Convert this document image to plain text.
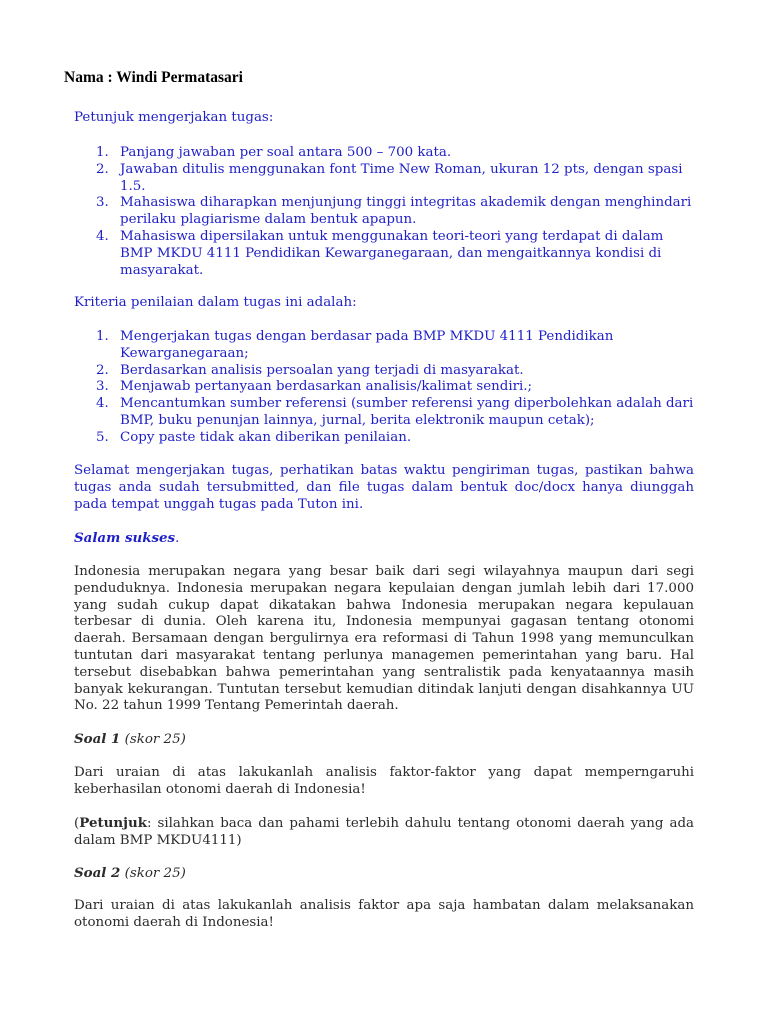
Nama : Windi Permatasari
Petunjuk mengerjakan tugas:
1. Panjang jawaban per soal antara 500 – 700 kata.
2. Jawaban ditulis menggunakan font Time New Roman, ukuran 12 pts, dengan spasi 1.5.
3. Mahasiswa diharapkan menjunjung tinggi integritas akademik dengan menghindari perilaku plagiarisme dalam bentuk apapun.
4. Mahasiswa dipersilakan untuk menggunakan teori-teori yang terdapat di dalam BMP MKDU 4111 Pendidikan Kewarganegaraan, dan mengaitkannya kondisi di masyarakat.
Kriteria penilaian dalam tugas ini adalah:
1. Mengerjakan tugas dengan berdasar pada BMP MKDU 4111 Pendidikan Kewarganegaraan;
2. Berdasarkan analisis persoalan yang terjadi di masyarakat.
3. Menjawab pertanyaan berdasarkan analisis/kalimat sendiri.;
4. Mencantumkan sumber referensi (sumber referensi yang diperbolehkan adalah dari BMP, buku penunjan lainnya, jurnal, berita elektronik maupun cetak);
5. Copy paste tidak akan diberikan penilaian.
Selamat mengerjakan tugas, perhatikan batas waktu pengiriman tugas, pastikan bahwa tugas anda sudah tersubmitted, dan file tugas dalam bentuk doc/docx hanya diunggah pada tempat unggah tugas pada Tuton ini.
Salam sukses.
Indonesia merupakan negara yang besar baik dari segi wilayahnya maupun dari segi penduduknya. Indonesia merupakan negara kepulaian dengan jumlah lebih dari 17.000 yang sudah cukup dapat dikatakan bahwa Indonesia merupakan negara kepulauan terbesar di dunia. Oleh karena itu, Indonesia mempunyai gagasan tentang otonomi daerah. Bersamaan dengan bergulirnya era reformasi di Tahun 1998 yang memunculkan tuntutan dari masyarakat tentang perlunya managemen pemerintahan yang baru. Hal tersebut disebabkan bahwa pemerintahan yang sentralistik pada kenyataannya masih banyak kekurangan. Tuntutan tersebut kemudian ditindak lanjuti dengan disahkannya UU No. 22 tahun 1999 Tentang Pemerintah daerah.
Soal 1 (skor 25)
Dari uraian di atas lakukanlah analisis faktor-faktor yang dapat memperngaruhi keberhasilan otonomi daerah di Indonesia!
(Petunjuk: silahkan baca dan pahami terlebih dahulu tentang otonomi daerah yang ada dalam BMP MKDU4111)
Soal 2 (skor 25)
Dari uraian di atas lakukanlah analisis faktor apa saja hambatan dalam melaksanakan otonomi daerah di Indonesia!
